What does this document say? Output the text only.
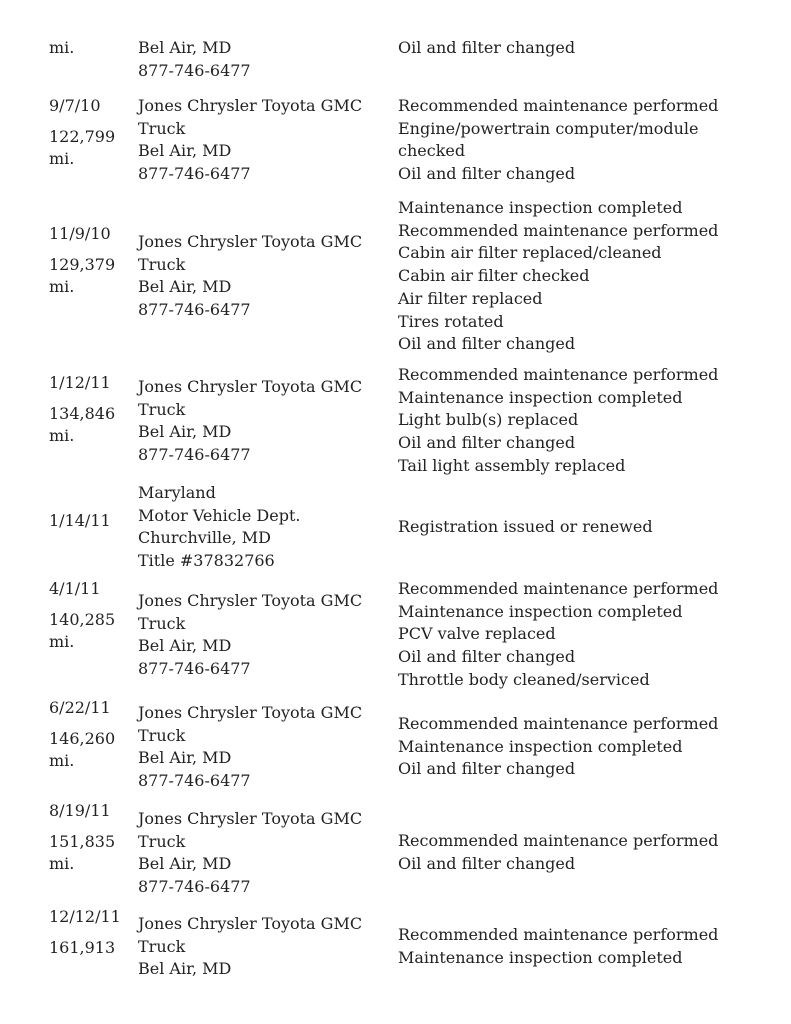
mi.	Bel Air, MD
877-746-6477
Oil and filter changed
9/7/10
122,799 mi.
Jones Chrysler Toyota GMC
Truck
Bel Air, MD
877-746-6477
Recommended maintenance performed
Engine/powertrain computer/module
checked
Oil and filter changed
11/9/10
129,379 mi.
Jones Chrysler Toyota GMC
Truck
Bel Air, MD
877-746-6477
Maintenance inspection completed
Recommended maintenance performed
Cabin air filter replaced/cleaned
Cabin air filter checked
Air filter replaced
Tires rotated
Oil and filter changed
1/12/11
134,846 mi.
Jones Chrysler Toyota GMC
Truck
Bel Air, MD
877-746-6477
Recommended maintenance performed
Maintenance inspection completed
Light bulb(s) replaced
Oil and filter changed
Tail light assembly replaced
1/14/11
Maryland
Motor Vehicle Dept.
Churchville, MD
Title #37832766
Registration issued or renewed
4/1/11
140,285 mi.
Jones Chrysler Toyota GMC
Truck
Bel Air, MD
877-746-6477
Recommended maintenance performed
Maintenance inspection completed
PCV valve replaced
Oil and filter changed
Throttle body cleaned/serviced
6/22/11
146,260 mi.
Jones Chrysler Toyota GMC
Truck
Bel Air, MD
877-746-6477
Recommended maintenance performed
Maintenance inspection completed
Oil and filter changed
8/19/11
151,835 mi.
Jones Chrysler Toyota GMC
Truck
Bel Air, MD
877-746-6477
Recommended maintenance performed
Oil and filter changed
12/12/11
161,913
Jones Chrysler Toyota GMC
Truck
Bel Air, MD
Recommended maintenance performed
Maintenance inspection completed
